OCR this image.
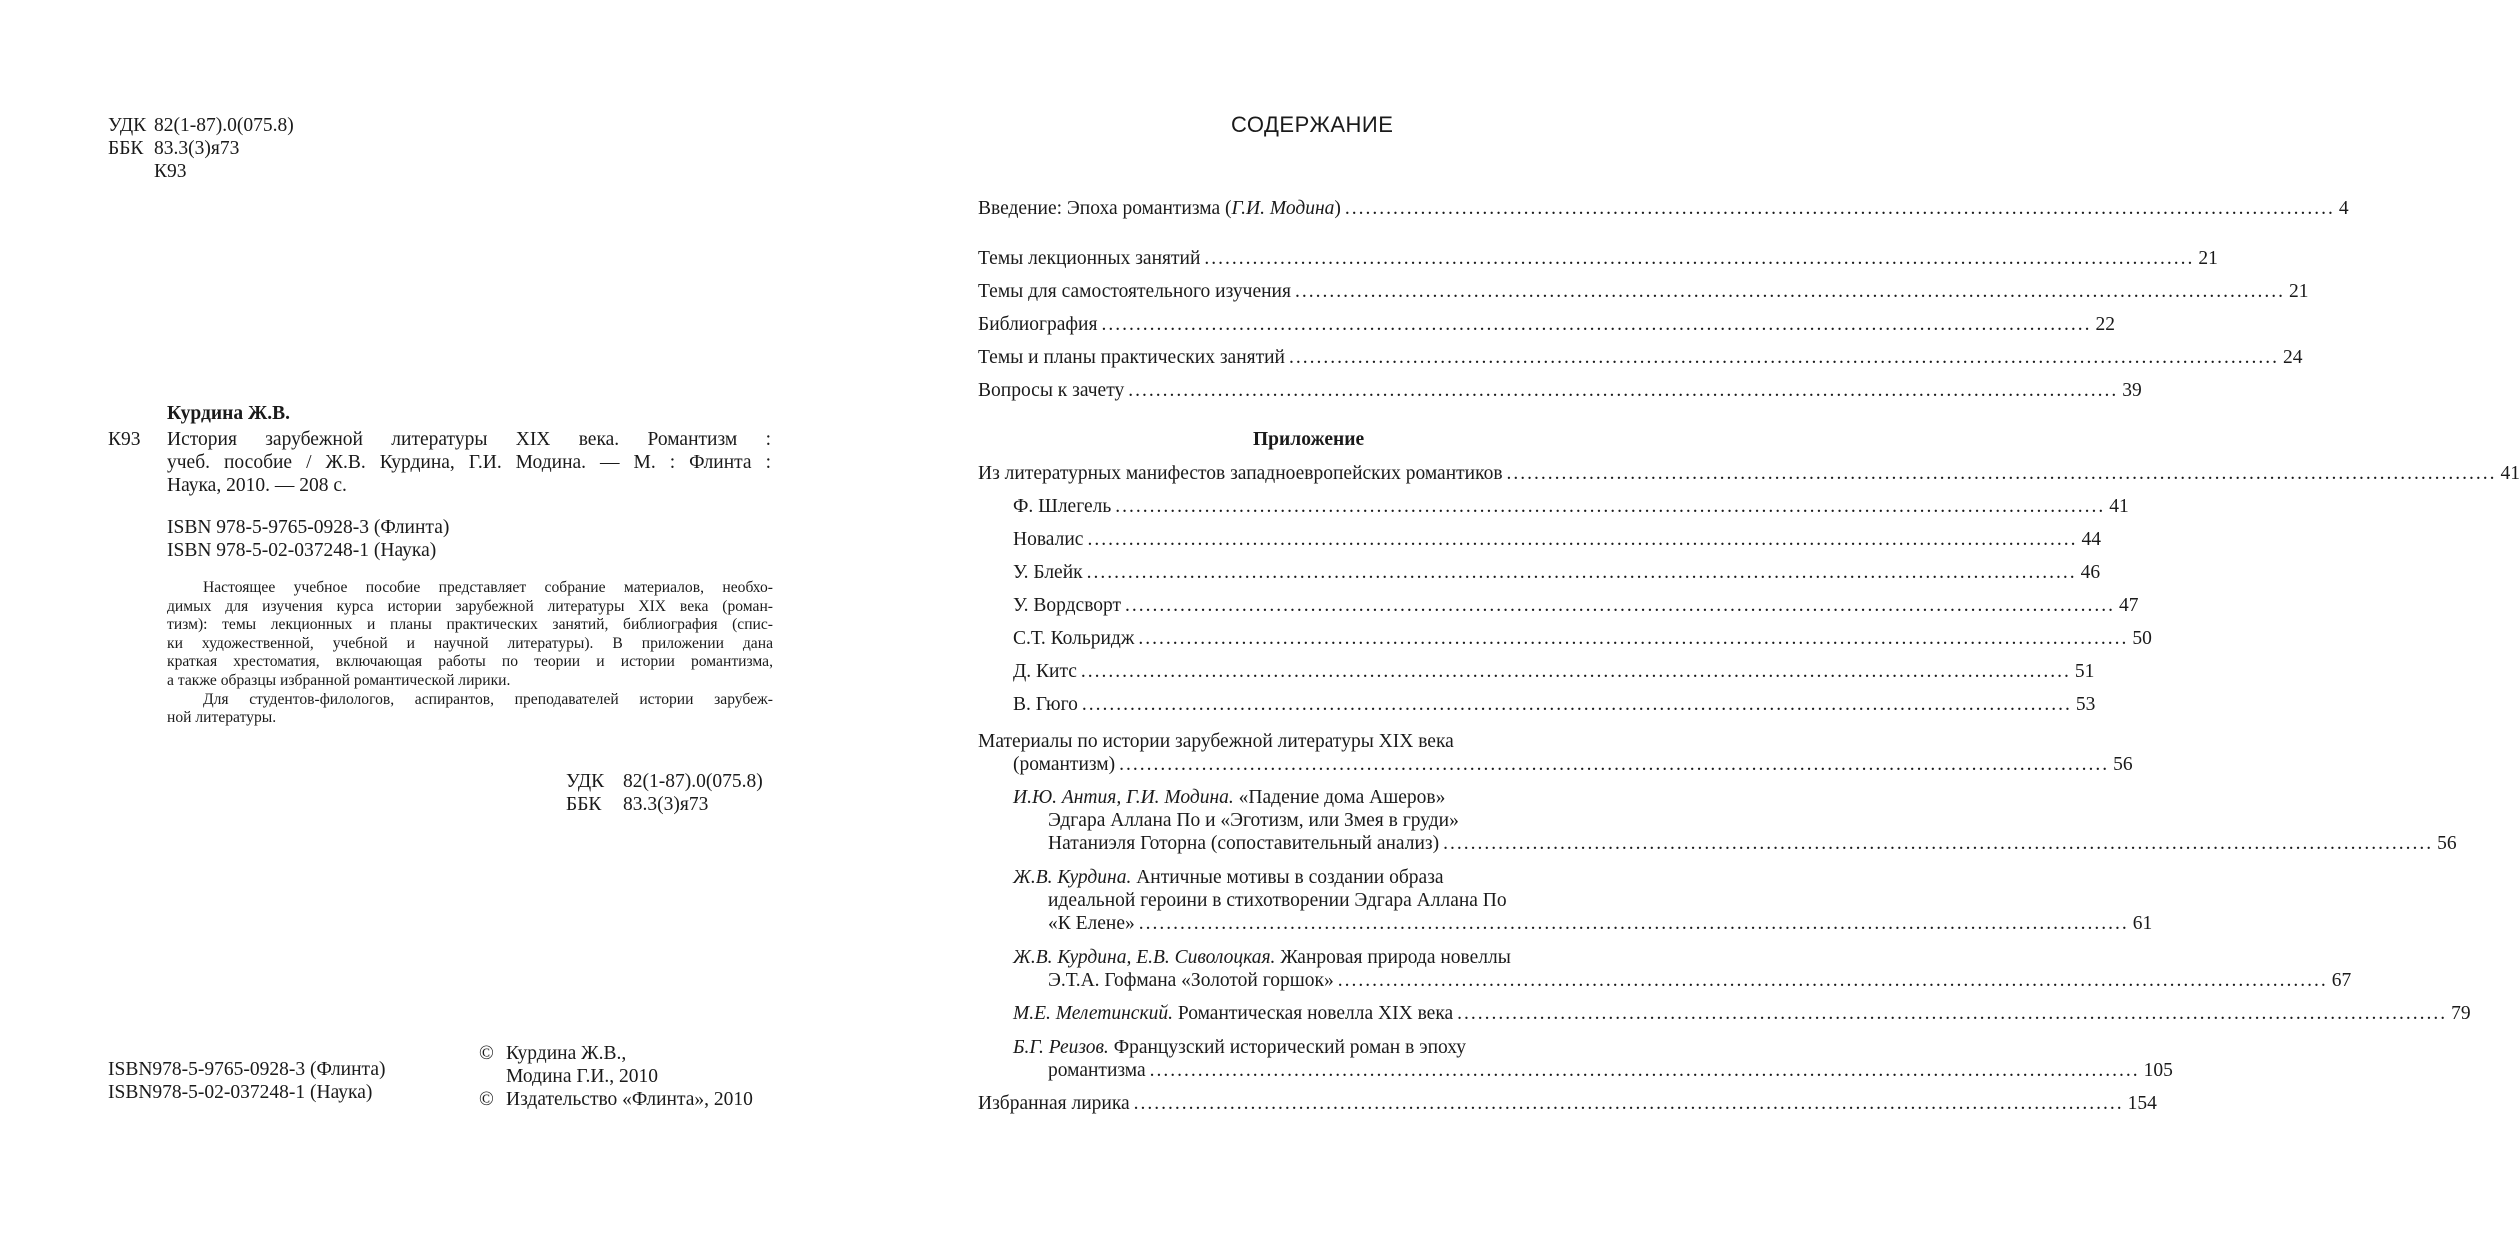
УДК 82(1-87).0(075.8)
ББК 83.3(3)я73
К93
Курдина Ж.В.
К93 История зарубежной литературы XIX века. Романтизм :
учеб. пособие / Ж.В. Курдина, Г.И. Модина. — М. : Флинта :
Наука, 2010. — 208 с.
ISBN 978-5-9765-0928-3 (Флинта)
ISBN 978-5-02-037248-1 (Наука)
Настоящее учебное пособие представляет собрание материалов, необхо-
димых для изучения курса истории зарубежной литературы XIX века (роман-
тизм): темы лекционных и планы практических занятий, библиография (спис-
ки художественной, учебной и научной литературы). В приложении дана
краткая хрестоматия, включающая работы по теории и истории романтизма,
а также образцы избранной романтической лирики.
Для студентов-филологов, аспирантов, преподавателей истории зарубеж-
ной литературы.
УДК 82(1-87).0(075.8)
ББК 83.3(3)я73
ISBN978-5-9765-0928-3 (Флинта)
ISBN978-5-02-037248-1 (Наука)
© Курдина Ж.В.,
Модина Г.И., 2010
© Издательство «Флинта», 2010
СОДЕРЖАНИЕ
Введение: Эпоха романтизма (Г.И. Модина) ................................................................................................................................................ 4
Темы лекционных занятий ................................................................................................................................................ 21
Темы для самостоятельного изучения ................................................................................................................................................ 21
Библиография ................................................................................................................................................ 22
Темы и планы практических занятий ................................................................................................................................................ 24
Вопросы к зачету ................................................................................................................................................ 39
Приложение
Из литературных манифестов западноевропейских романтиков ................................................................................................................................................ 41
Ф. Шлегель ................................................................................................................................................ 41
Новалис ................................................................................................................................................ 44
У. Блейк ................................................................................................................................................ 46
У. Вордсворт ................................................................................................................................................ 47
С.Т. Кольридж ................................................................................................................................................ 50
Д. Китс ................................................................................................................................................ 51
В. Гюго ................................................................................................................................................ 53
Материалы по истории зарубежной литературы XIX века
(романтизм) ................................................................................................................................................ 56
И.Ю. Антия, Г.И. Модина. «Падение дома Ашеров»
Эдгара Аллана По и «Эготизм, или Змея в груди»
Натаниэля Готорна (сопоставительный анализ) ................................................................................................................................................ 56
Ж.В. Курдина. Античные мотивы в создании образа
идеальной героини в стихотворении Эдгара Аллана По
«К Елене» ................................................................................................................................................ 61
Ж.В. Курдина, Е.В. Сиволоцкая. Жанровая природа новеллы
Э.Т.А. Гофмана «Золотой горшок» ................................................................................................................................................ 67
М.Е. Мелетинский. Романтическая новелла XIX века ................................................................................................................................................ 79
Б.Г. Реизов. Французский исторический роман в эпоху
романтизма ................................................................................................................................................ 105
Избранная лирика ................................................................................................................................................ 154
